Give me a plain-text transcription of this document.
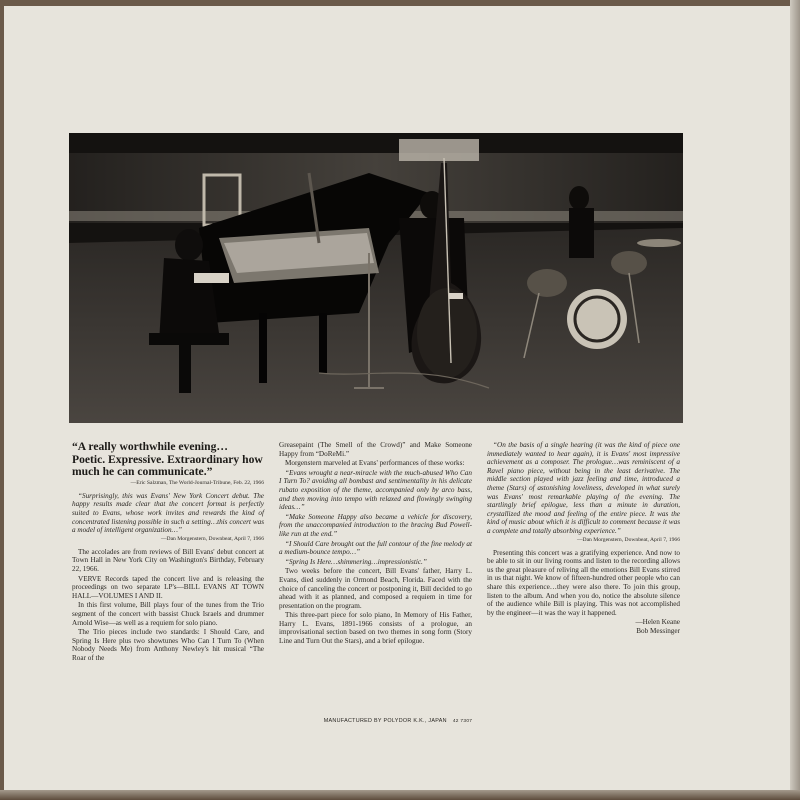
“A really worthwhile evening… Poetic. Expressive. Extraordinary how much he can communicate.”

—Eric Salzman, The World-Journal-Tribune, Feb. 22, 1966

“Surprisingly, this was Evans' New York Concert debut. The happy results made clear that the concert format is perfectly suited to Evans, whose work invites and rewards the kind of concentrated listening possible in such a setting…this concert was a model of intelligent organization…”

—Dan Morgenstern, Downbeat, April 7, 1966

The accolades are from reviews of Bill Evans' debut concert at Town Hall in New York City on Washington's Birthday, February 22, 1966.

VERVE Records taped the concert live and is releasing the proceedings on two separate LP's—BILL EVANS AT TOWN HALL—VOLUMES I AND II.

In this first volume, Bill plays four of the tunes from the Trio segment of the concert with bassist Chuck Israels and drummer Arnold Wise—as well as a requiem for solo piano.

The Trio pieces include two standards: I Should Care, and Spring Is Here plus two showtunes Who Can I Turn To (When Nobody Needs Me) from Anthony Newley's hit musical “The Roar of the

Greasepaint (The Smell of the Crowd)” and Make Someone Happy from “DoReMi.”

Morgenstern marveled at Evans' performances of these works:

“Evans wrought a near-miracle with the much-abused Who Can I Turn To? avoiding all bombast and sentimentality in his delicate rubato exposition of the theme, accompanied only by arco bass, and then moving into tempo with relaxed and flowingly swinging ideas…”

“Make Someone Happy also became a vehicle for discovery, from the unaccompanied introduction to the bracing Bud Powell-like run at the end.”

“I Should Care brought out the full contour of the fine melody at a medium-bounce tempo…”

“Spring Is Here…shimmering…impressionistic.”

Two weeks before the concert, Bill Evans' father, Harry L. Evans, died suddenly in Ormond Beach, Florida. Faced with the choice of canceling the concert or postponing it, Bill decided to go ahead with it as planned, and composed a requiem in time for presentation on the program.

This three-part piece for solo piano, In Memory of His Father, Harry L. Evans, 1891-1966 consists of a prologue, an improvisational section based on two themes in song form (Story Line and Turn Out the Stars), and a brief epilogue.

“On the basis of a single hearing (it was the kind of piece one immediately wanted to hear again), it is Evans' most impressive achievement as a composer. The prologue…was reminiscent of a Ravel piano piece, without being in the least derivative. The middle section played with jazz feeling and time, introduced a theme (Stars) of astonishing loveliness, developed in what surely was Evans' most remarkable playing of the evening. The startlingly brief epilogue, less than a minute in duration, crystallized the mood and feeling of the entire piece. It was the kind of music about which it is difficult to comment because it was a complete and totally absorbing experience.”

—Dan Morgenstern, Downbeat, April 7, 1966

Presenting this concert was a gratifying experience. And now to be able to sit in our living rooms and listen to the recording allows us the great pleasure of reliving all the emotions Bill Evans stirred in us that night. We know of fifteen-hundred other people who can share this experience…they were also there. To join this group, listen to the album. And when you do, notice the absolute silence of the audience while Bill is playing. This was not accomplished by the engineer—it was the way it happened.

—Helen Keane
Bob Messinger

MANUFACTURED BY POLYDOR K.K., JAPAN 42 7307
